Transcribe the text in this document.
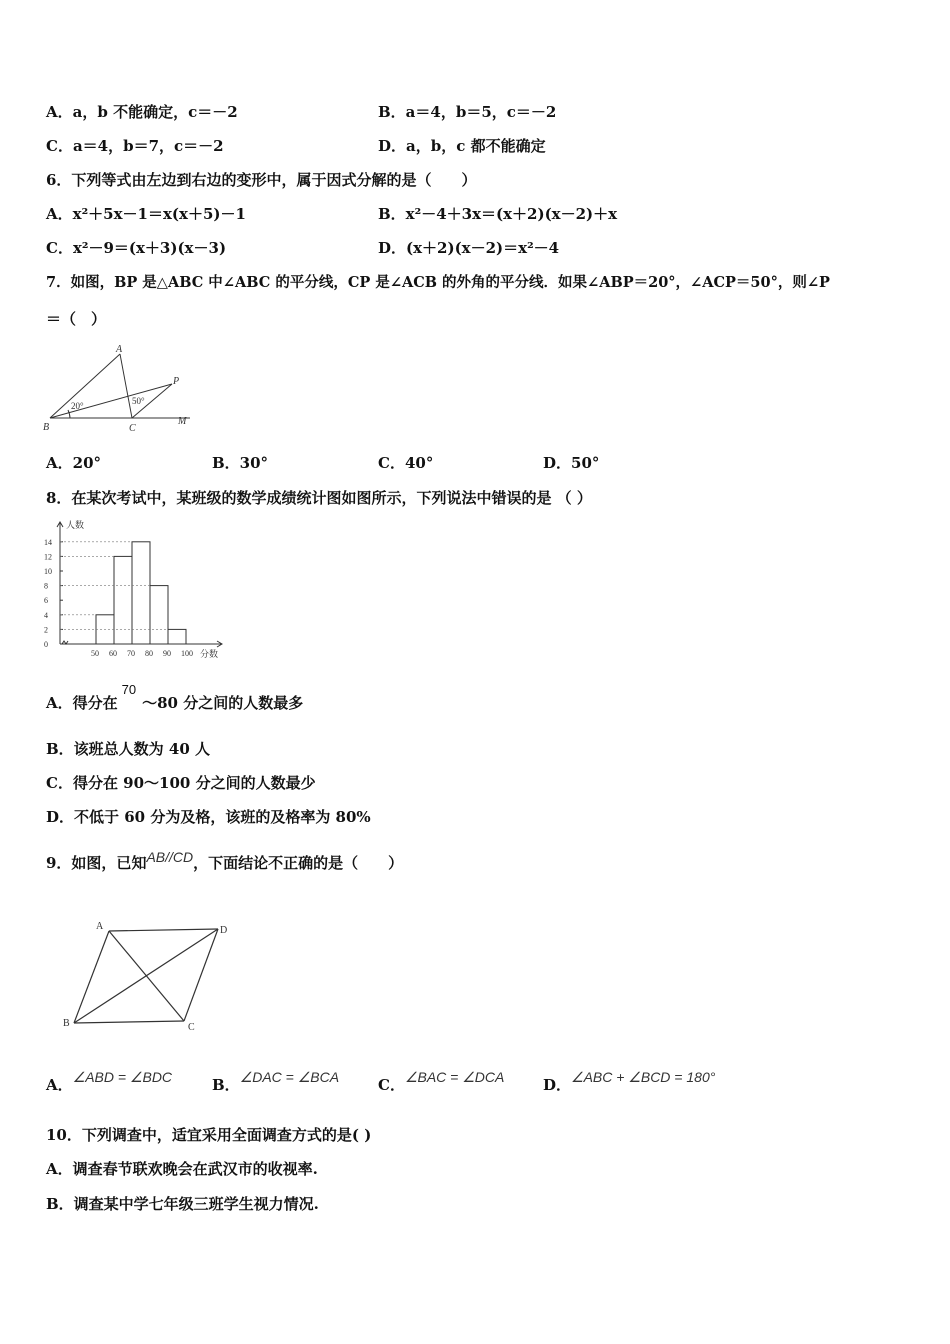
A．a，b 不能确定，c＝－2	B．a＝4，b＝5，c＝－2
C．a＝4，b＝7，c＝－2	D．a，b，c 都不能确定
6．下列等式由左边到右边的变形中，属于因式分解的是（　　）
A．x²＋5x－1＝x(x＋5)－1	B．x²－4＋3x＝(x＋2)(x－2)＋x
C．x²－9＝(x＋3)(x－3)	D．(x＋2)(x－2)＝x²－4
7．如图，BP 是△ABC 中∠ABC 的平分线，CP 是∠ACB 的外角的平分线．如果∠ABP＝20°，∠ACP＝50°，则∠P
＝（　）
A
B	C
P
M
20°	50°
A．20°	B．30°	C．40°	D．50°
8．在某次考试中，某班级的数学成绩统计图如图所示，下列说法中错误的是 （ ）
0
2
4
6
8
10
12
14
人数
50 60 70 80 90 100 分数
A．得分在70～80 分之间的人数最多
B．该班总人数为 40 人
C．得分在 90～100 分之间的人数最少
D．不低于 60 分为及格，该班的及格率为 80%
9．如图，已知AB//CD，下面结论不正确的是（　　）
A
B	C
D
A．∠ABD = ∠BDC	B．∠DAC = ∠BCA	C．∠BAC = ∠DCA	D．∠ABC + ∠BCD = 180°
10．下列调查中，适宜采用全面调查方式的是( )
A．调查春节联欢晚会在武汉市的收视率.
B．调查某中学七年级三班学生视力情况.
